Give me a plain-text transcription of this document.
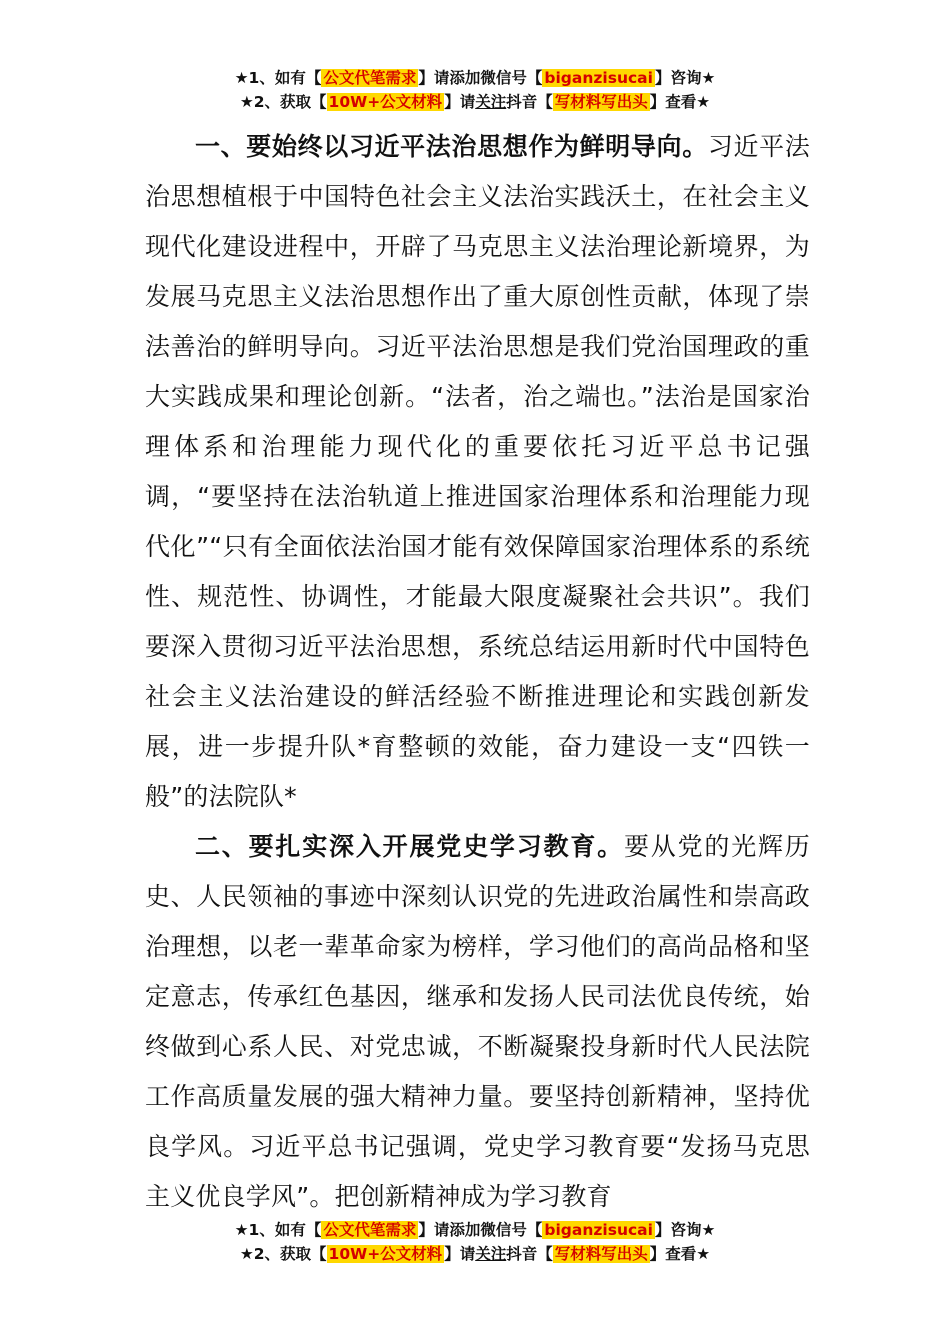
★1、如有【 公文代笔需求 】请添加微信号【 biganzisucai 】咨询★
★2、获取【 10W+公文材料 】请关注抖音【 写材料写出头 】查看★

一、要始终以习近平法治思想作为鲜明导向。习近平法治思想植根于中国特色社会主义法治实践沃土，在社会主义现代化建设进程中，开辟了马克思主义法治理论新境界，为发展马克思主义法治思想作出了重大原创性贡献，体现了崇法善治的鲜明导向。习近平法治思想是我们党治国理政的重大实践成果和理论创新。“法者，治之端也。”法治是国家治理体系和治理能力现代化的重要依托习近平总书记强调，“要坚持在法治轨道上推进国家治理体系和治理能力现代化”“只有全面依法治国才能有效保障国家治理体系的系统性、规范性、协调性，才能最大限度凝聚社会共识”。我们要深入贯彻习近平法治思想，系统总结运用新时代中国特色社会主义法治建设的鲜活经验不断推进理论和实践创新发展，进一步提升队*育整顿的效能，奋力建设一支“四铁一般”的法院队*

二、要扎实深入开展党史学习教育。要从党的光辉历史、人民领袖的事迹中深刻认识党的先进政治属性和崇高政治理想，以老一辈革命家为榜样，学习他们的高尚品格和坚定意志，传承红色基因，继承和发扬人民司法优良传统，始终做到心系人民、对党忠诚，不断凝聚投身新时代人民法院工作高质量发展的强大精神力量。要坚持创新精神，坚持优良学风。习近平总书记强调，党史学习教育要“发扬马克思主义优良学风”。把创新精神成为学习教育

★1、如有【 公文代笔需求 】请添加微信号【 biganzisucai 】咨询★
★2、获取【 10W+公文材料 】请关注抖音【 写材料写出头 】查看★
